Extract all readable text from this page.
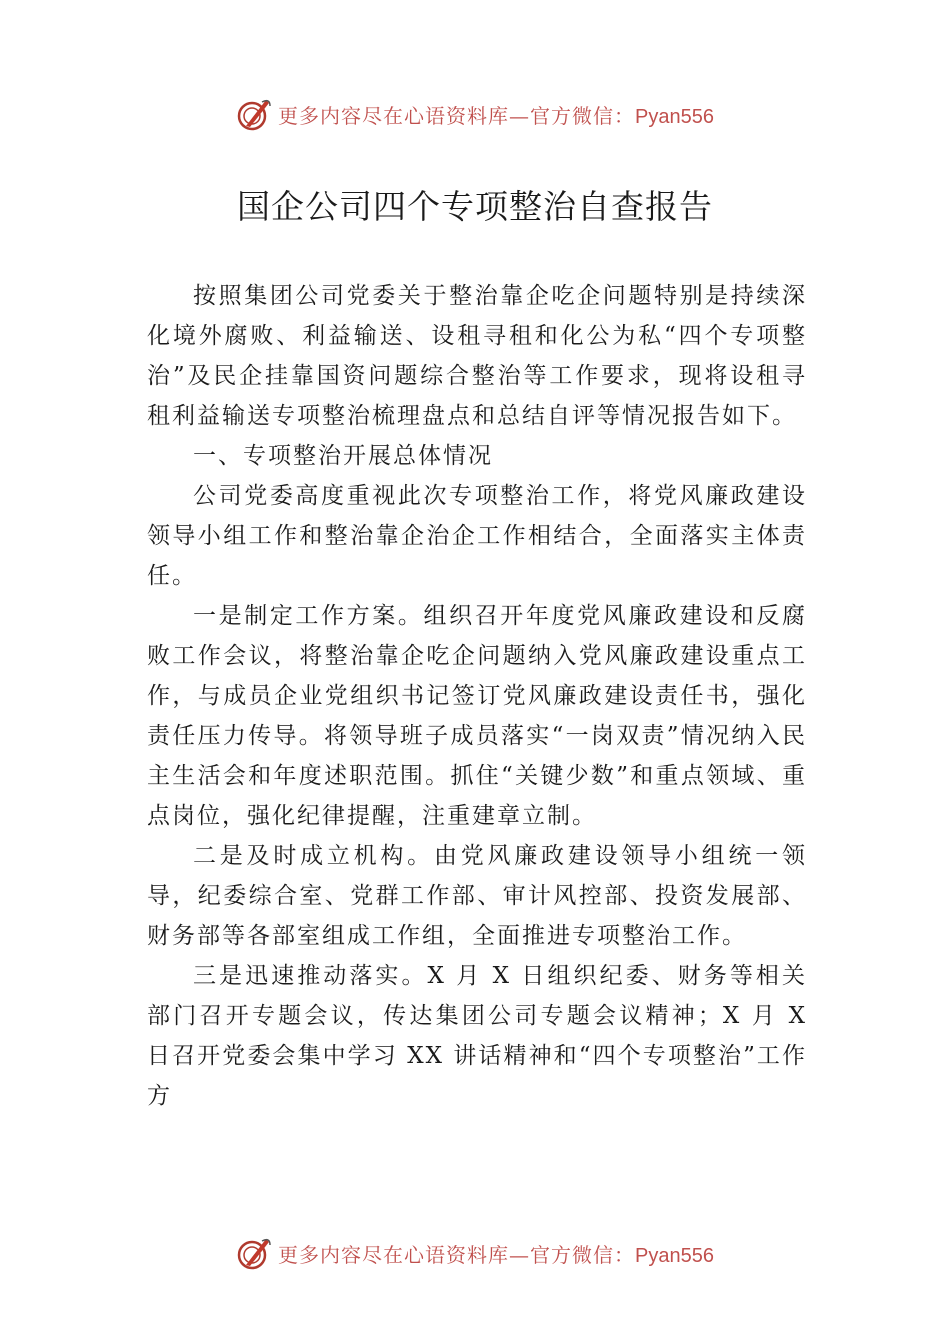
更多内容尽在心语资料库—官方微信：Pyan556
国企公司四个专项整治自查报告

按照集团公司党委关于整治靠企吃企问题特别是持续深化境外腐败、利益输送、设租寻租和化公为私“四个专项整治”及民企挂靠国资问题综合整治等工作要求，现将设租寻租利益输送专项整治梳理盘点和总结自评等情况报告如下。

一、专项整治开展总体情况

公司党委高度重视此次专项整治工作，将党风廉政建设领导小组工作和整治靠企治企工作相结合，全面落实主体责任。

一是制定工作方案。组织召开年度党风廉政建设和反腐败工作会议，将整治靠企吃企问题纳入党风廉政建设重点工作，与成员企业党组织书记签订党风廉政建设责任书，强化责任压力传导。将领导班子成员落实“一岗双责”情况纳入民主生活会和年度述职范围。抓住“关键少数”和重点领域、重点岗位，强化纪律提醒，注重建章立制。

二是及时成立机构。由党风廉政建设领导小组统一领导，纪委综合室、党群工作部、审计风控部、投资发展部、财务部等各部室组成工作组，全面推进专项整治工作。

三是迅速推动落实。X 月 X 日组织纪委、财务等相关部门召开专题会议，传达集团公司专题会议精神；X 月 X 日召开党委会集中学习 XX 讲话精神和“四个专项整治”工作方

更多内容尽在心语资料库—官方微信：Pyan556
